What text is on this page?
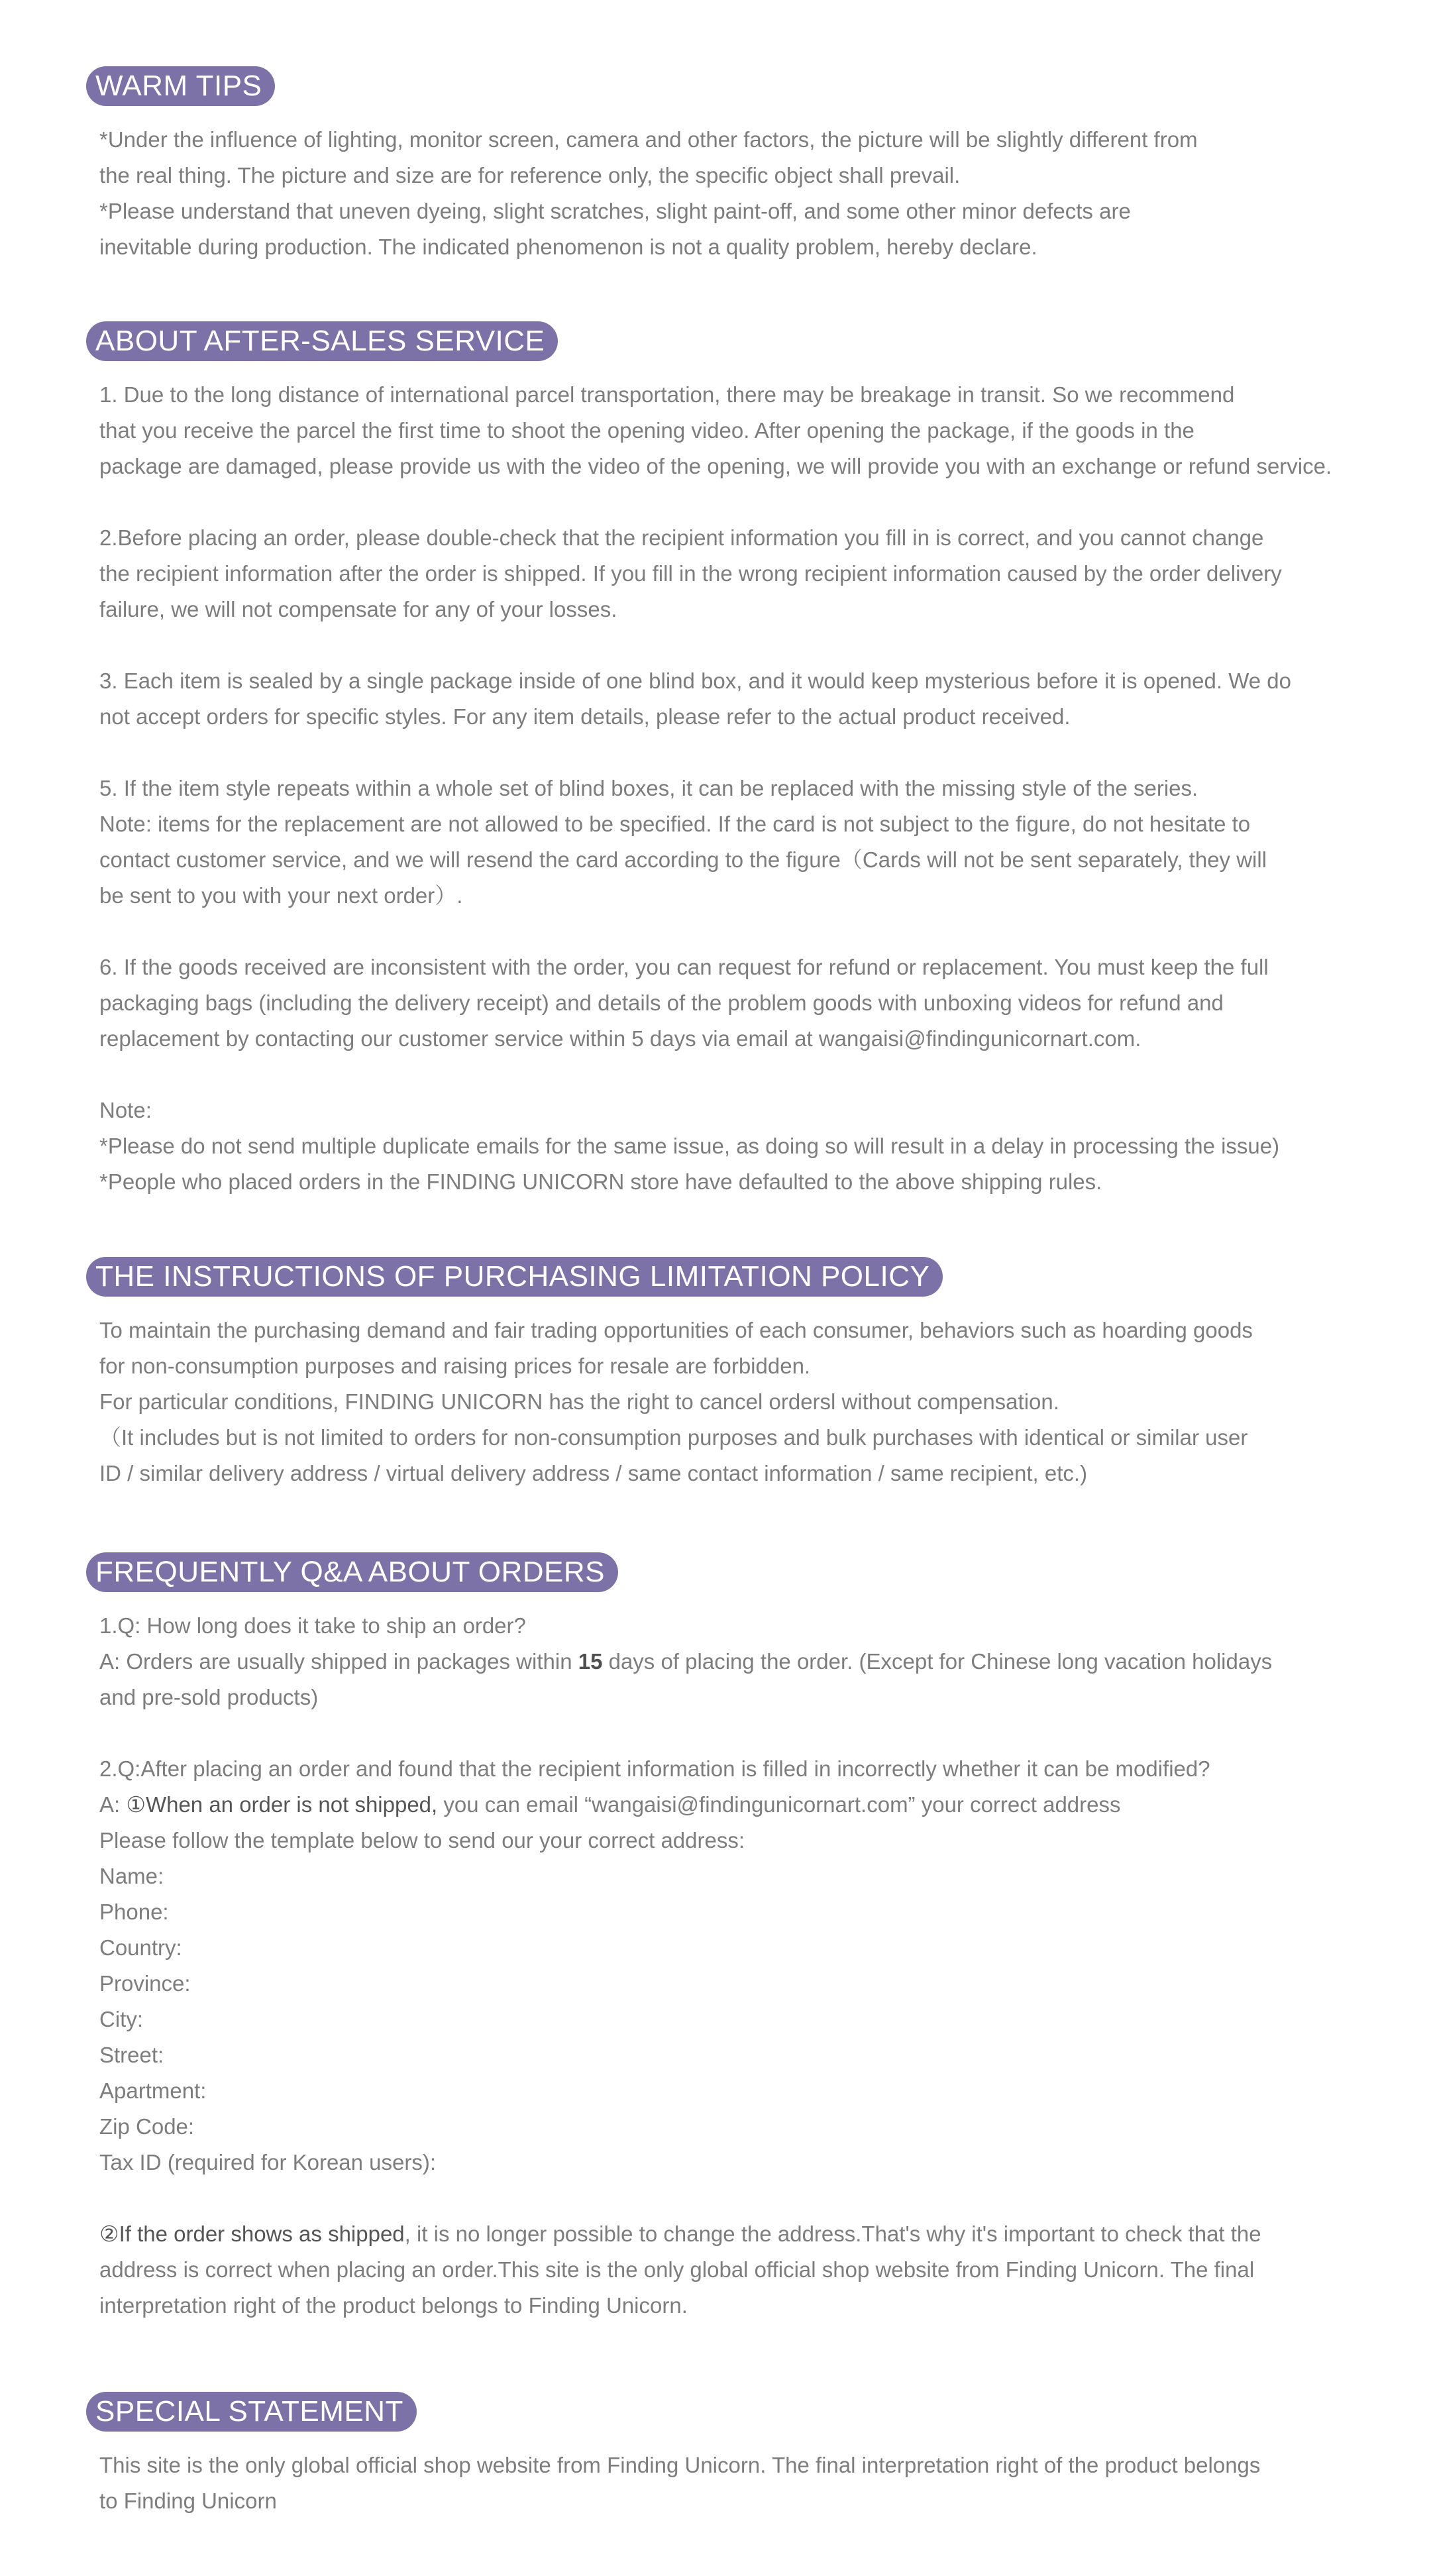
WARM TIPS
*Under the influence of lighting, monitor screen, camera and other factors, the picture will be slightly different from
the real thing. The picture and size are for reference only, the specific object shall prevail.
*Please understand that uneven dyeing, slight scratches, slight paint-off, and some other minor defects are
inevitable during production. The indicated phenomenon is not a quality problem, hereby declare.
ABOUT AFTER-SALES SERVICE
1. Due to the long distance of international parcel transportation, there may be breakage in transit. So we recommend
that you receive the parcel the first time to shoot the opening video. After opening the package, if the goods in the
package are damaged, please provide us with the video of the opening, we will provide you with an exchange or refund service.
2.Before placing an order, please double-check that the recipient information you fill in is correct, and you cannot change
the recipient information after the order is shipped. If you fill in the wrong recipient information caused by the order delivery
failure, we will not compensate for any of your losses.
3. Each item is sealed by a single package inside of one blind box, and it would keep mysterious before it is opened. We do
not accept orders for specific styles. For any item details, please refer to the actual product received.
5. If the item style repeats within a whole set of blind boxes, it can be replaced with the missing style of the series.
Note: items for the replacement are not allowed to be specified. If the card is not subject to the figure, do not hesitate to
contact customer service, and we will resend the card according to the figure（Cards will not be sent separately, they will
be sent to you with your next order）.
6. If the goods received are inconsistent with the order, you can request for refund or replacement. You must keep the full
packaging bags (including the delivery receipt) and details of the problem goods with unboxing videos for refund and
replacement by contacting our customer service within 5 days via email at wangaisi@findingunicornart.com.
Note:
*Please do not send multiple duplicate emails for the same issue, as doing so will result in a delay in processing the issue)
*People who placed orders in the FINDING UNICORN store have defaulted to the above shipping rules.
THE INSTRUCTIONS OF PURCHASING LIMITATION POLICY
To maintain the purchasing demand and fair trading opportunities of each consumer, behaviors such as hoarding goods
for non-consumption purposes and raising prices for resale are forbidden.
For particular conditions, FINDING UNICORN has the right to cancel ordersl without compensation.
（It includes but is not limited to orders for non-consumption purposes and bulk purchases with identical or similar user
ID / similar delivery address / virtual delivery address / same contact information / same recipient, etc.)
FREQUENTLY Q&A ABOUT ORDERS
1.Q: How long does it take to ship an order?
A: Orders are usually shipped in packages within 15 days of placing the order. (Except for Chinese long vacation holidays
and pre-sold products)
2.Q:After placing an order and found that the recipient information is filled in incorrectly whether it can be modified?
A: ①When an order is not shipped, you can email “wangaisi@findingunicornart.com” your correct address
Please follow the template below to send our your correct address:
Name:
Phone:
Country:
Province:
City:
Street:
Apartment:
Zip Code:
Tax ID (required for Korean users):
②If the order shows as shipped, it is no longer possible to change the address.That's why it's important to check that the
address is correct when placing an order.This site is the only global official shop website from Finding Unicorn. The final
interpretation right of the product belongs to Finding Unicorn.
SPECIAL STATEMENT
This site is the only global official shop website from Finding Unicorn. The final interpretation right of the product belongs
to Finding Unicorn
